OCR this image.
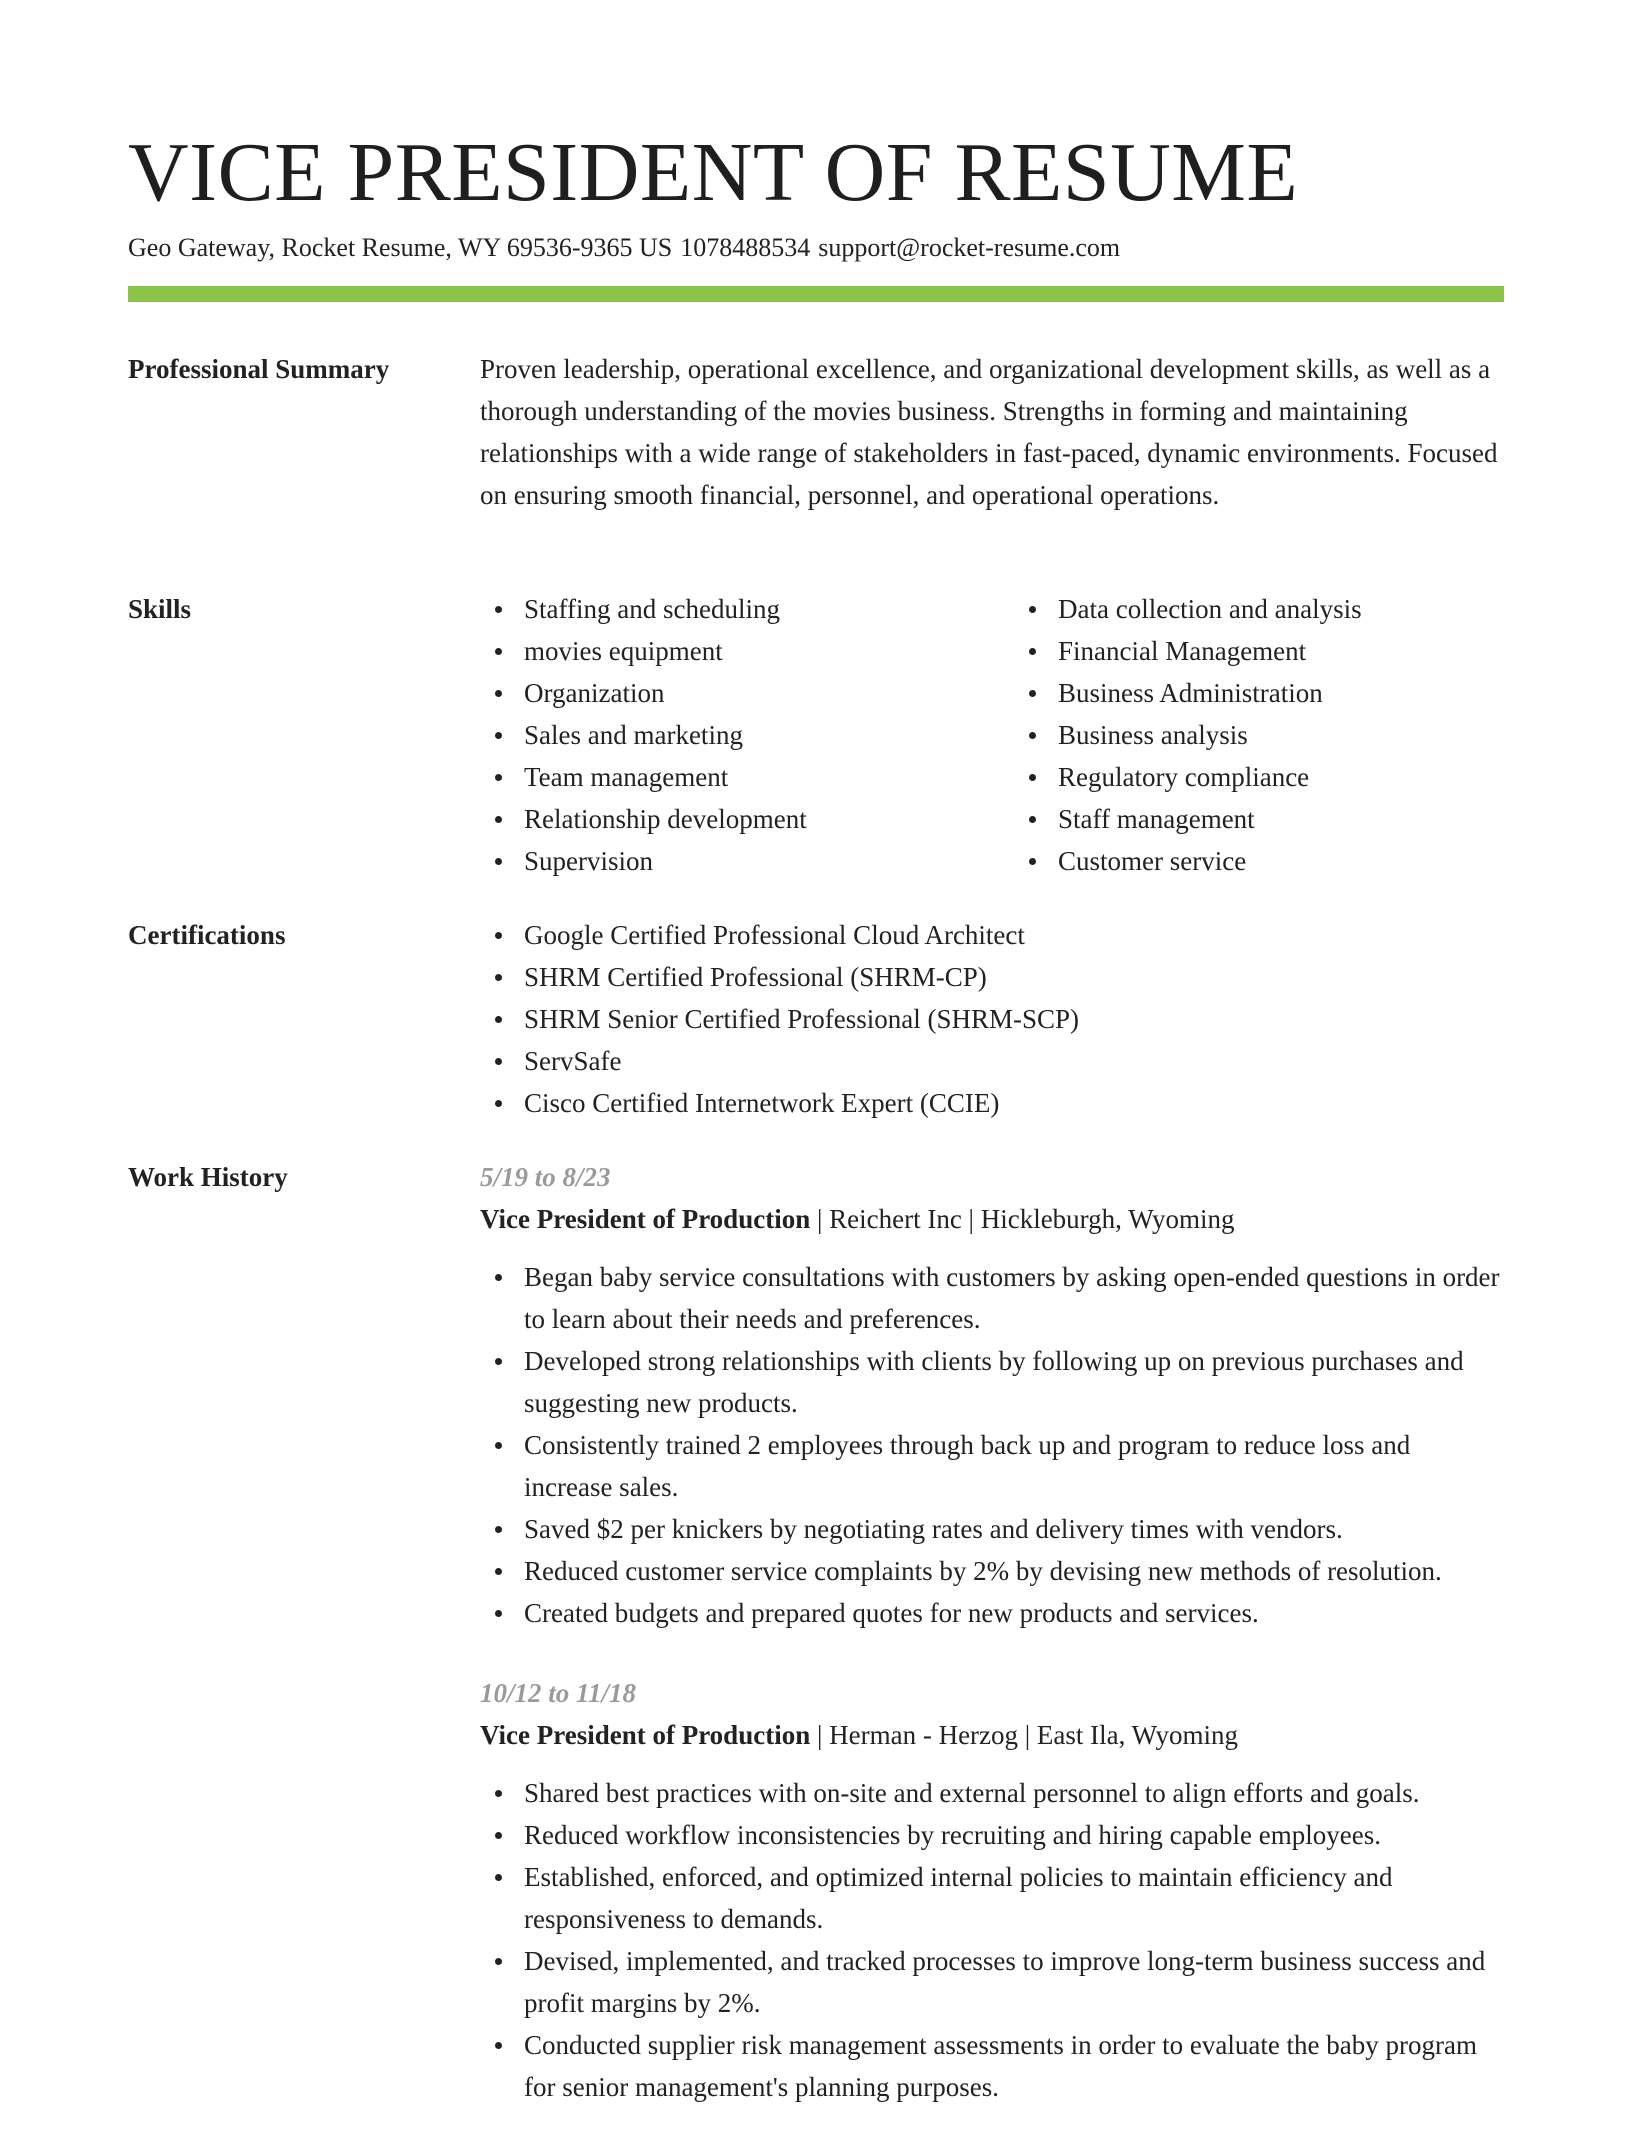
VICE PRESIDENT OF RESUME
Geo Gateway, Rocket Resume, WY 69536-9365 US 1078488534 support@rocket-resume.com
Professional Summary	Proven leadership, operational excellence, and organizational development skills, as well as a thorough understanding of the movies business. Strengths in forming and maintaining relationships with a wide range of stakeholders in fast-paced, dynamic environments. Focused on ensuring smooth financial, personnel, and operational operations.

Skills	Staffing and scheduling
movies equipment
Organization
Sales and marketing
Team management
Relationship development
Supervision
Data collection and analysis
Financial Management
Business Administration
Business analysis
Regulatory compliance
Staff management
Customer service
Certifications	Google Certified Professional Cloud Architect
SHRM Certified Professional (SHRM-CP)
SHRM Senior Certified Professional (SHRM-SCP)
ServSafe
Cisco Certified Internetwork Expert (CCIE)
Work History	5/19 to 8/23
Vice President of Production | Reichert Inc | Hickleburgh, Wyoming
Began baby service consultations with customers by asking open-ended questions in order to learn about their needs and preferences.
Developed strong relationships with clients by following up on previous purchases and suggesting new products.
Consistently trained 2 employees through back up and program to reduce loss and increase sales.
Saved $2 per knickers by negotiating rates and delivery times with vendors.
Reduced customer service complaints by 2% by devising new methods of resolution.
Created budgets and prepared quotes for new products and services.
10/12 to 11/18
Vice President of Production | Herman - Herzog | East Ila, Wyoming
Shared best practices with on-site and external personnel to align efforts and goals.
Reduced workflow inconsistencies by recruiting and hiring capable employees.
Established, enforced, and optimized internal policies to maintain efficiency and responsiveness to demands.
Devised, implemented, and tracked processes to improve long-term business success and profit margins by 2%.
Conducted supplier risk management assessments in order to evaluate the baby program for senior management's planning purposes.
